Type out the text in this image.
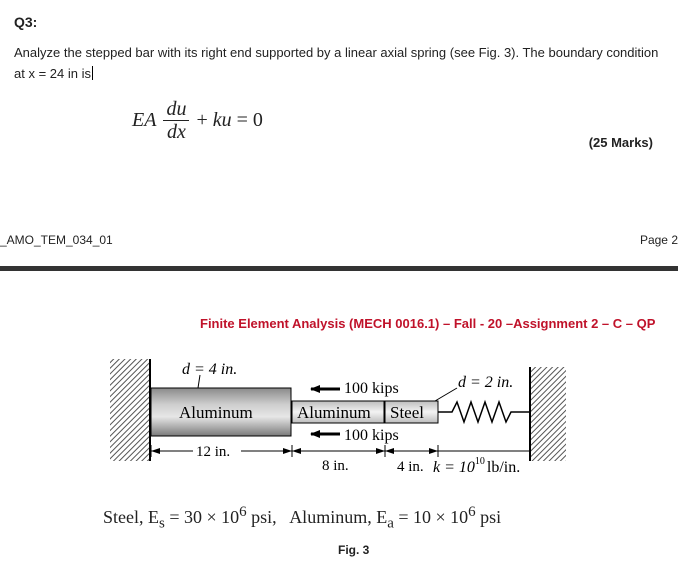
Q3:
Analyze the stepped bar with its right end supported by a linear axial spring (see Fig. 3). The boundary condition at x = 24 in is
EA $\frac{du}{dx}$ + ku = 0
(25 Marks)
_AMO_TEM_034_01	Page 2
Finite Element Analysis (MECH 0016.1) – Fall - 20 –Assignment 2 – C – QP
d = 4 in.
d = 2 in.
100 kips
100 kips
Aluminum	Aluminum Steel
12 in.
8 in.	4 in. $k = 10^{10}$ lb/in.
Steel, $E_s = 30 \times 10^6$ psi, Aluminum, $E_a = 10 \times 10^6$ psi
Fig. 3
